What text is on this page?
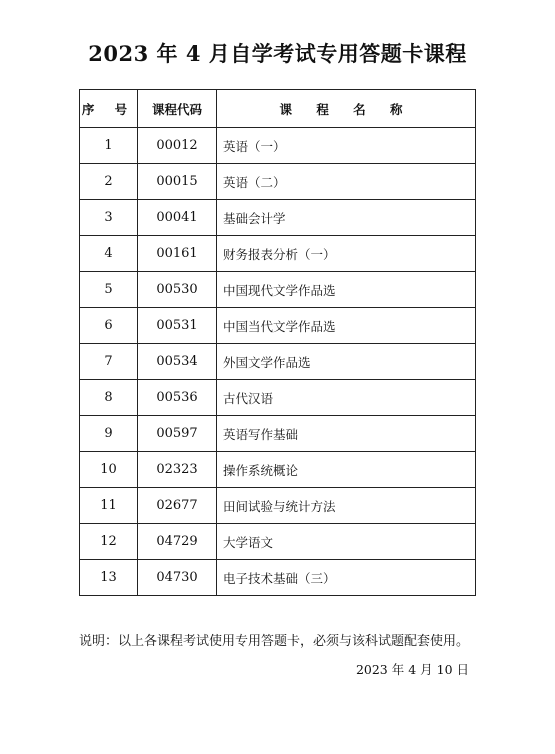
2023 年 4 月自学考试专用答题卡课程
序 号	课程代码	课 程 名 称
1	00012	英语（一）
2	00015	英语（二）
3	00041	基础会计学
4	00161	财务报表分析（一）
5	00530	中国现代文学作品选
6	00531	中国当代文学作品选
7	00534	外国文学作品选
8	00536	古代汉语
9	00597	英语写作基础
10	02323	操作系统概论
11	02677	田间试验与统计方法
12	04729	大学语文
13	04730	电子技术基础（三）
说明：以上各课程考试使用专用答题卡，必须与该科试题配套使用。
2023 年 4 月 10 日
